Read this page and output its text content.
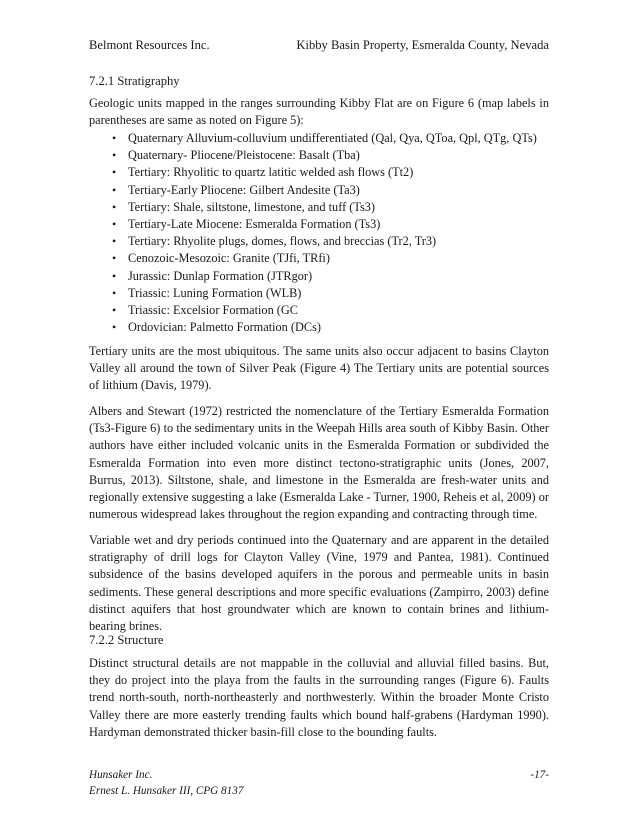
Belmont Resources Inc.	Kibby Basin Property, Esmeralda County, Nevada
7.2.1 Stratigraphy

Geologic units mapped in the ranges surrounding Kibby Flat are on Figure 6 (map labels in parentheses are same as noted on Figure 5):

• Quaternary Alluvium-colluvium undifferentiated (Qal, Qya, QToa, Qpl, QTg, QTs)
• Quaternary- Pliocene/Pleistocene: Basalt (Tba)
• Tertiary: Rhyolitic to quartz latitic welded ash flows (Tt2)
• Tertiary-Early Pliocene: Gilbert Andesite (Ta3)
• Tertiary: Shale, siltstone, limestone, and tuff (Ts3)
• Tertiary-Late Miocene: Esmeralda Formation (Ts3)
• Tertiary: Rhyolite plugs, domes, flows, and breccias (Tr2, Tr3)
• Cenozoic-Mesozoic: Granite (TJfi, TRfi)
• Jurassic: Dunlap Formation (JTRgor)
• Triassic: Luning Formation (WLB)
• Triassic: Excelsior Formation (GC
• Ordovician: Palmetto Formation (DCs)

Tertiary units are the most ubiquitous. The same units also occur adjacent to basins Clayton Valley all around the town of Silver Peak (Figure 4) The Tertiary units are potential sources of lithium (Davis, 1979).

Albers and Stewart (1972) restricted the nomenclature of the Tertiary Esmeralda Formation (Ts3-Figure 6) to the sedimentary units in the Weepah Hills area south of Kibby Basin. Other authors have either included volcanic units in the Esmeralda Formation or subdivided the Esmeralda Formation into even more distinct tectono-stratigraphic units (Jones, 2007, Burrus, 2013). Siltstone, shale, and limestone in the Esmeralda are fresh-water units and regionally extensive suggesting a lake (Esmeralda Lake - Turner, 1900, Reheis et al, 2009) or numerous widespread lakes throughout the region expanding and contracting through time.

Variable wet and dry periods continued into the Quaternary and are apparent in the detailed stratigraphy of drill logs for Clayton Valley (Vine, 1979 and Pantea, 1981). Continued subsidence of the basins developed aquifers in the porous and permeable units in basin sediments. These general descriptions and more specific evaluations (Zampirro, 2003) define distinct aquifers that host groundwater which are known to contain brines and lithium-bearing brines.

7.2.2 Structure

Distinct structural details are not mappable in the colluvial and alluvial filled basins. But, they do project into the playa from the faults in the surrounding ranges (Figure 6). Faults trend north-south, north-northeasterly and northwesterly. Within the broader Monte Cristo Valley there are more easterly trending faults which bound half-grabens (Hardyman 1990). Hardyman demonstrated thicker basin-fill close to the bounding faults.

Hunsaker Inc.	-17-
Ernest L. Hunsaker III, CPG 8137
